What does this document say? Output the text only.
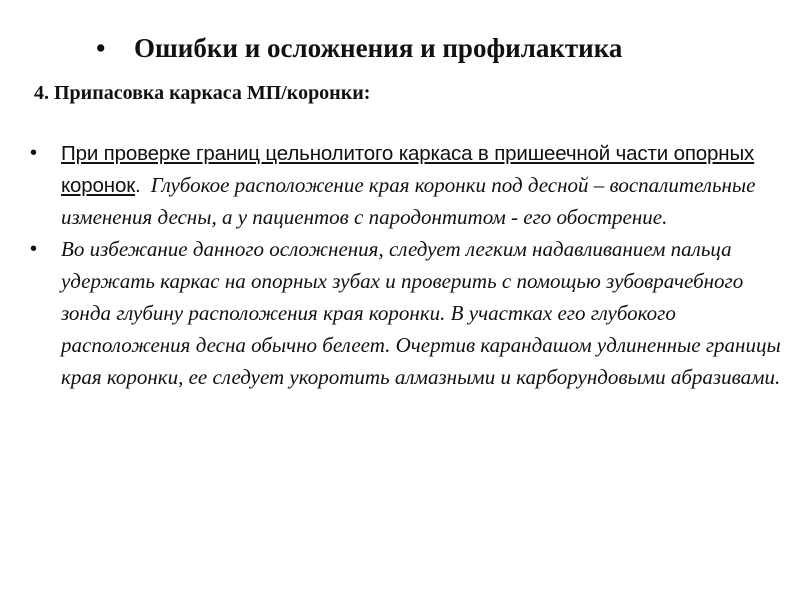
• Ошибки и осложнения и профилактика
4. Припасовка каркаса МП/коронки:
• При проверке границ цельнолитого каркаса в пришеечной части опорных коронок. Глубокое расположение края коронки под десной – воспалительные изменения десны, а у пациентов с пародонтитом - его обострение.
• Во избежание данного осложнения, следует легким надавливанием пальца удержать каркас на опорных зубах и проверить с помощью зубоврачебного зонда глубину расположения края коронки. В участках его глубокого расположения десна обычно белеет. Очертив карандашом удлиненные границы края коронки, ее следует укоротить алмазными и карборундовыми абразивами.
